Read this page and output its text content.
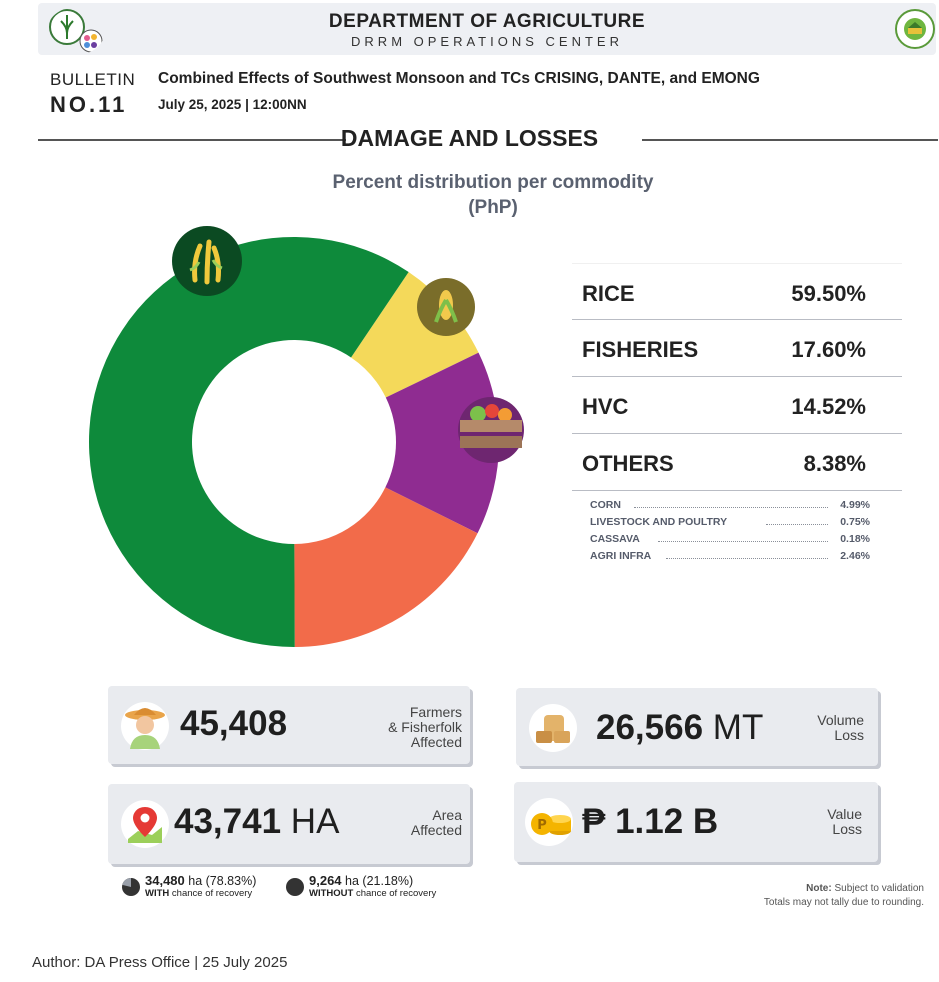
DEPARTMENT OF AGRICULTURE
DRRM OPERATIONS CENTER
BULLETIN
NO.11
Combined Effects of Southwest Monsoon and TCs CRISING, DANTE, and EMONG
July 25, 2025 | 12:00NN
DAMAGE AND LOSSES
Percent distribution per commodity
(PhP)
RICE	59.50%
FISHERIES	17.60%
HVC	14.52%
OTHERS	8.38%
CORN	4.99%
LIVESTOCK AND POULTRY	0.75%
CASSAVA	0.18%
AGRI INFRA	2.46%
45,408	Farmers
& Fisherfolk
Affected	26,566 MT	Volume
Loss
43,741 HA	Area
Affected	P ₱ 1.12 B	Value
Loss
34,480 ha (78.83%)
WITH chance of recovery
9,264 ha (21.18%)
WITHOUT chance of recovery	Note: Subject to validation
Totals may not tally due to rounding.
Author: DA Press Office | 25 July 2025
